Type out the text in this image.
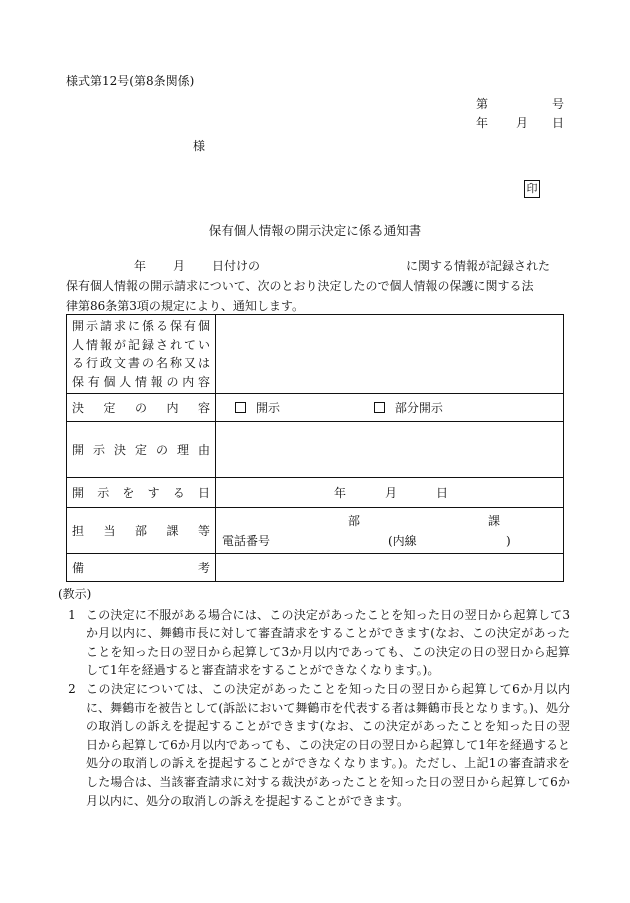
様式第12号(第8条関係)
第	号
年 月 日
様
印
保有個人情報の開示決定に係る通知書
年 月 日付けの	に関する情報が記録された
保有個人情報の開示請求について、次のとおり決定したので個人情報の保護に関する法
律第86条第3項の規定により、通知します。
開示請求に係る保有個
人情報が記録されてい
る行政文書の名称又は
保有個人情報の内容	

決定の内容	開示 部分開示

開示決定の理由	

開示をする日	年 月 日

担当部課等	部 課
電話番号 (内線 )

備考	

(教示)
1 この決定に不服がある場合には、この決定があったことを知った日の翌日から起算して3か月以内に、舞鶴市長に対して審査請求をすることができます(なお、この決定があったことを知った日の翌日から起算して3か月以内であっても、この決定の日の翌日から起算して1年を経過すると審査請求をすることができなくなります。)。
2 この決定については、この決定があったことを知った日の翌日から起算して6か月以内に、舞鶴市を被告として(訴訟において舞鶴市を代表する者は舞鶴市長となります。)、処分の取消しの訴えを提起することができます(なお、この決定があったことを知った日の翌日から起算して6か月以内であっても、この決定の日の翌日から起算して1年を経過すると処分の取消しの訴えを提起することができなくなります。)。ただし、上記1の審査請求をした場合は、当該審査請求に対する裁決があったことを知った日の翌日から起算して6か月以内に、処分の取消しの訴えを提起することができます。
